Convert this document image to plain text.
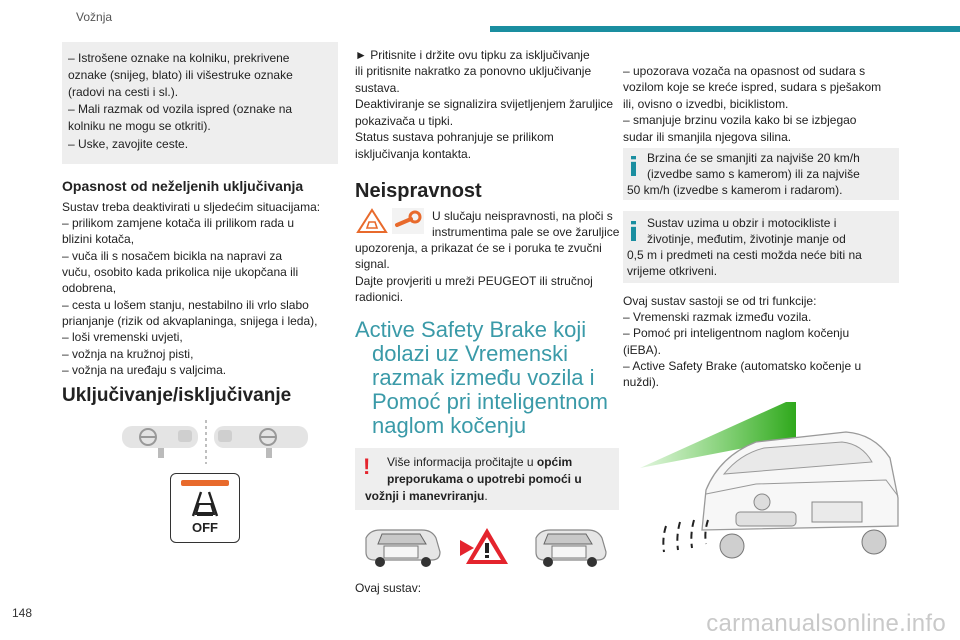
Vožnja
148	carmanualsonline.info
– Istrošene oznake na kolniku, prekrivene
oznake (snijeg, blato) ili višestruke oznake
(radovi na cesti i sl.).
– Mali razmak od vozila ispred (oznake na
kolniku ne mogu se otkriti).
– Uske, zavojite ceste.
Opasnost od neželjenih uključivanja
Sustav treba deaktivirati u sljedećim situacijama:
– prilikom zamjene kotača ili prilikom rada u
blizini kotača,
– vuča ili s nosačem bicikla na napravi za
vuču, osobito kada prikolica nije ukopčana ili
odobrena,
– cesta u lošem stanju, nestabilno ili vrlo slabo
prianjanje (rizik od akvaplaninga, snijega i leda),
– loši vremenski uvjeti,
– vožnja na kružnoj pisti,
– vožnja na uređaju s valjcima.
Uključivanje/isključivanje
OFF
► Pritisnite i držite ovu tipku za isključivanje
ili pritisnite nakratko za ponovno uključivanje
sustava.
Deaktiviranje se signalizira svijetljenjem žaruljice
pokazivača u tipki.
Status sustava pohranjuje se prilikom
isključivanja kontakta.
Neispravnost
U slučaju neispravnosti, na ploči s
instrumentima pale se ove žaruljice
upozorenja, a prikazat će se i poruka te zvučni
signal.
Dajte provjeriti u mreži PEUGEOT ili stručnoj
radionici.
Active Safety Brake koji
dolazi uz Vremenski
razmak između vozila i
Pomoć pri inteligentnom
naglom kočenju
! Više informacija pročitajte u općim
preporukama o upotrebi pomoći u
vožnji i manevriranju.
Ovaj sustav:
– upozorava vozača na opasnost od sudara s
vozilom koje se kreće ispred, sudara s pješakom
ili, ovisno o izvedbi, biciklistom.
– smanjuje brzinu vozila kako bi se izbjegao
sudar ili smanjila njegova silina.
Brzina će se smanjiti za najviše 20 km/h
(izvedbe samo s kamerom) ili za najviše
50 km/h (izvedbe s kamerom i radarom).
Sustav uzima u obzir i motocikliste i
životinje, međutim, životinje manje od
0,5 m i predmeti na cesti možda neće biti na
vrijeme otkriveni.
Ovaj sustav sastoji se od tri funkcije:
– Vremenski razmak između vozila.
– Pomoć pri inteligentnom naglom kočenju
(iEBA).
– Active Safety Brake (automatsko kočenje u
nuždi).
